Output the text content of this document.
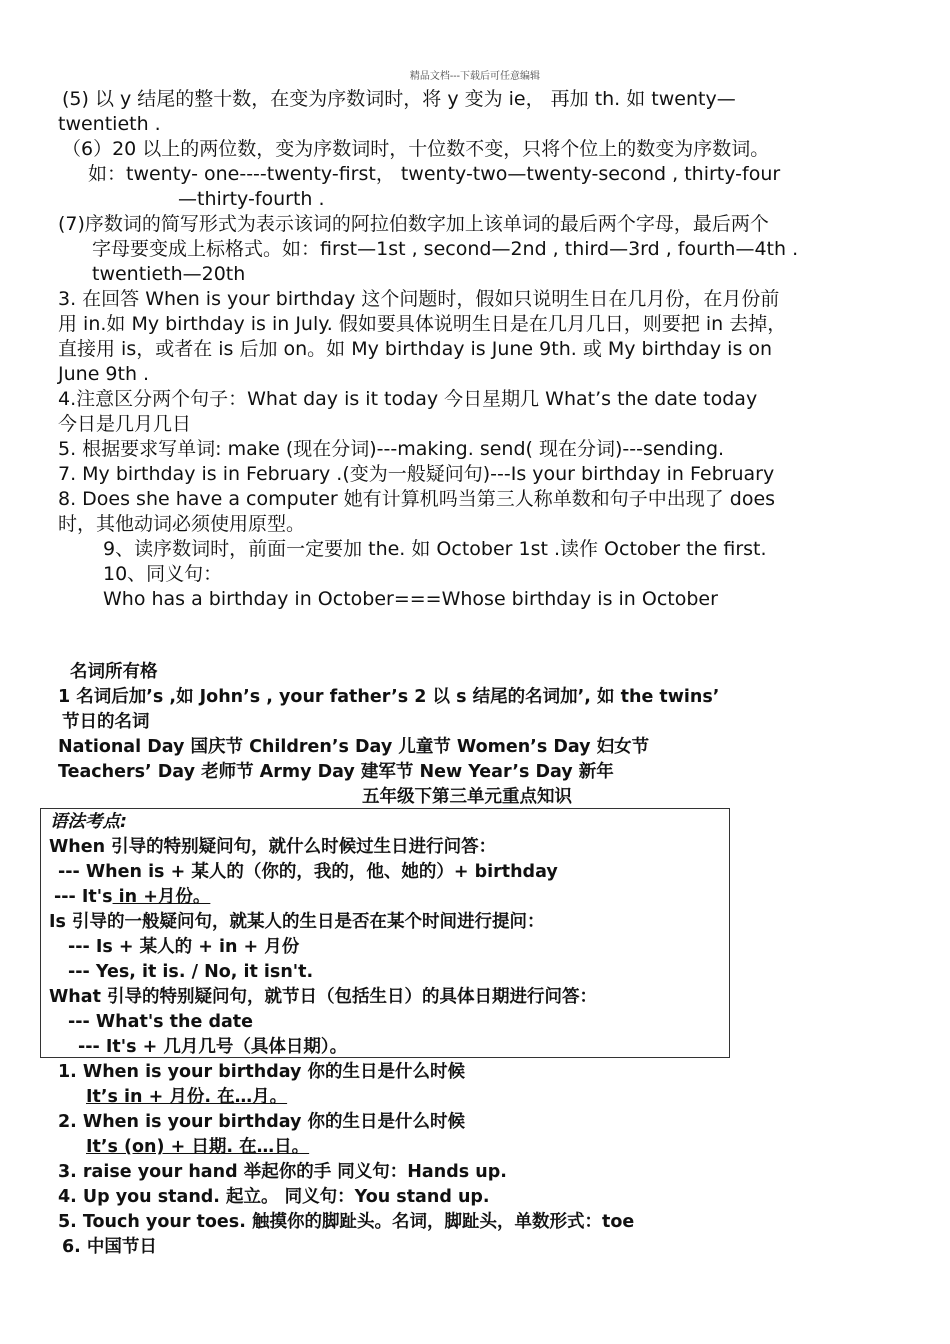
精品文档---下载后可任意编辑
(5) 以 y 结尾的整十数，在变为序数词时，将 y 变为 ie， 再加 th. 如 twenty—
twentieth .
（6）20 以上的两位数，变为序数词时，十位数不变，只将个位上的数变为序数词。
如：twenty- one----twenty-first， twenty-two—twenty-second , thirty-four
—thirty-fourth .
(7)序数词的简写形式为表示该词的阿拉伯数字加上该单词的最后两个字母，最后两个
字母要变成上标格式。如：first—1st , second—2nd , third—3rd , fourth—4th .
twentieth—20th
3. 在回答 When is your birthday 这个问题时，假如只说明生日在几月份，在月份前
用 in.如 My birthday is in July. 假如要具体说明生日是在几月几日，则要把 in 去掉，
直接用 is，或者在 is 后加 on。如 My birthday is June 9th. 或 My birthday is on
June 9th .
4.注意区分两个句子：What day is it today 今日星期几 What’s the date today
今日是几月几日
5. 根据要求写单词: make (现在分词)---making. send( 现在分词)---sending.
7. My birthday is in February .(变为一般疑问句)---Is your birthday in February
8. Does she have a computer 她有计算机吗当第三人称单数和句子中出现了 does
时，其他动词必须使用原型。
9、读序数词时，前面一定要加 the. 如 October 1st .读作 October the first.
10、同义句：
Who has a birthday in October===Whose birthday is in October
名词所有格
1 名词后加’s ,如 John’s , your father’s 2 以 s 结尾的名词加’, 如 the twins’
节日的名词
National Day 国庆节 Children’s Day 儿童节 Women’s Day 妇女节
Teachers’ Day 老师节 Army Day 建军节 New Year’s Day 新年
五年级下第三单元重点知识
语法考点:
When 引导的特别疑问句，就什么时候过生日进行问答：
--- When is + 某人的（你的，我的，他、她的）+ birthday
--- It's in +月份。
Is 引导的一般疑问句，就某人的生日是否在某个时间进行提问：
--- Is + 某人的 + in + 月份
--- Yes, it is. / No, it isn't.
What 引导的特别疑问句，就节日（包括生日）的具体日期进行问答：
--- What's the date
--- It's + 几月几号（具体日期）。
1. When is your birthday 你的生日是什么时候
It’s in + 月份. 在…月。
2. When is your birthday 你的生日是什么时候
It’s (on) + 日期. 在…日。
3. raise your hand 举起你的手 同义句：Hands up.
4. Up you stand. 起立。 同义句：You stand up.
5. Touch your toes. 触摸你的脚趾头。名词，脚趾头，单数形式：toe
6. 中国节日
